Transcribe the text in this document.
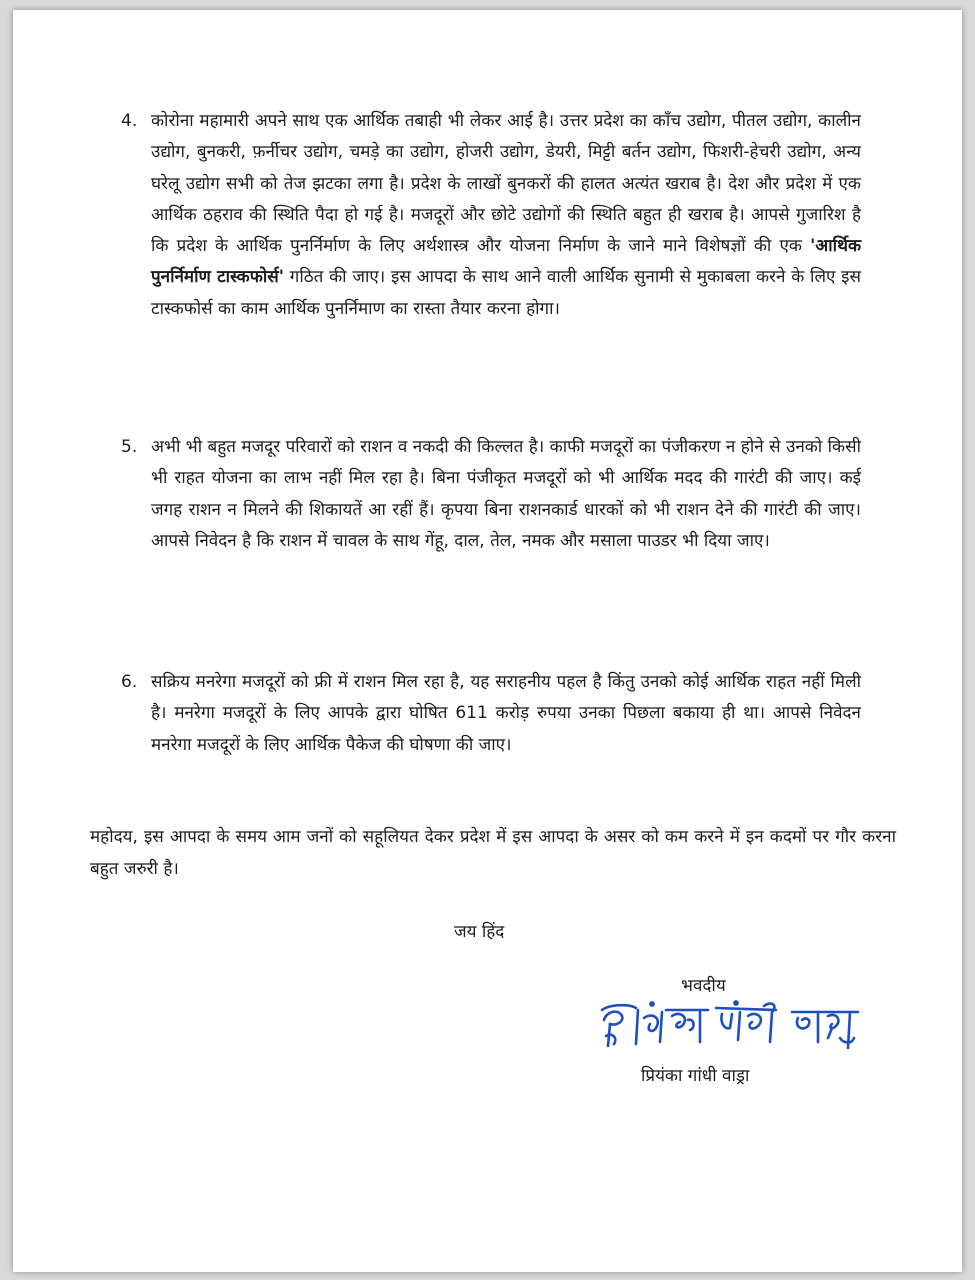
4. कोरोना महामारी अपने साथ एक आर्थिक तबाही भी लेकर आई है। उत्तर प्रदेश का काँच उद्योग, पीतल उद्योग, कालीन उद्योग, बुनकरी, फ़र्नीचर उद्योग, चमड़े का उद्योग, होजरी उद्योग, डेयरी, मिट्टी बर्तन उद्योग, फिशरी-हेचरी उद्योग, अन्य घरेलू उद्योग सभी को तेज झटका लगा है। प्रदेश के लाखों बुनकरों की हालत अत्यंत खराब है। देश और प्रदेश में एक आर्थिक ठहराव की स्थिति पैदा हो गई है। मजदूरों और छोटे उद्योगों की स्थिति बहुत ही खराब है। आपसे गुजारिश है कि प्रदेश के आर्थिक पुनर्निर्माण के लिए अर्थशास्त्र और योजना निर्माण के जाने माने विशेषज्ञों की एक 'आर्थिक पुनर्निर्माण टास्कफोर्स' गठित की जाए। इस आपदा के साथ आने वाली आर्थिक सुनामी से मुकाबला करने के लिए इस टास्कफोर्स का काम आर्थिक पुनर्निमाण का रास्ता तैयार करना होगा।
5. अभी भी बहुत मजदूर परिवारों को राशन व नकदी की किल्लत है। काफी मजदूरों का पंजीकरण न होने से उनको किसी भी राहत योजना का लाभ नहीं मिल रहा है। बिना पंजीकृत मजदूरों को भी आर्थिक मदद की गारंटी की जाए। कई जगह राशन न मिलने की शिकायतें आ रहीं हैं। कृपया बिना राशनकार्ड धारकों को भी राशन देने की गारंटी की जाए। आपसे निवेदन है कि राशन में चावल के साथ गेंहू, दाल, तेल, नमक और मसाला पाउडर भी दिया जाए।
6. सक्रिय मनरेगा मजदूरों को फ्री में राशन मिल रहा है, यह सराहनीय पहल है किंतु उनको कोई आर्थिक राहत नहीं मिली है। मनरेगा मजदूरों के लिए आपके द्वारा घोषित 611 करोड़ रुपया उनका पिछला बकाया ही था। आपसे निवेदन मनरेगा मजदूरों के लिए आर्थिक पैकेज की घोषणा की जाए।
महोदय, इस आपदा के समय आम जनों को सहूलियत देकर प्रदेश में इस आपदा के असर को कम करने में इन कदमों पर गौर करना बहुत जरुरी है।
जय हिंद
भवदीय
प्रियंका गांधी वाड्रा
